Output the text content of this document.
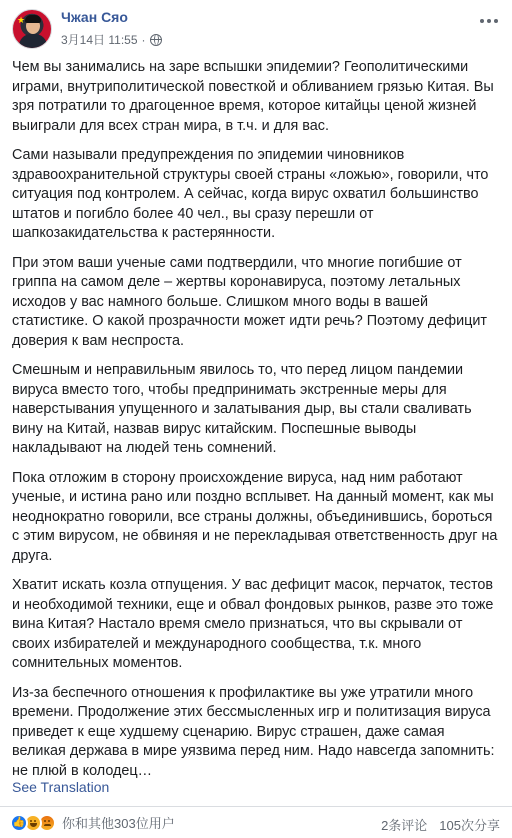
★	Чжан Сяо
3月14日 11:55 ·

Чем вы занимались на заре вспышки эпидемии? Геополитическими играми, внутриполитической повесткой и обливанием грязью Китая. Вы зря потратили то драгоценное время, которое китайцы ценой жизней выиграли для всех стран мира, в т.ч. и для вас.

Сами называли предупреждения по эпидемии чиновников здравоохранительной структуры своей страны «ложью», говорили, что ситуация под контролем. А сейчас, когда вирус охватил большинство штатов и погибло более 40 чел., вы сразу перешли от шапкозакидательства к растерянности.

При этом ваши ученые сами подтвердили, что многие погибшие от гриппа на самом деле – жертвы коронавируса, поэтому летальных исходов у вас намного больше. Слишком много воды в вашей статистике. О какой прозрачности может идти речь? Поэтому дефицит доверия к вам неспроста.

Смешным и неправильным явилось то, что перед лицом пандемии вируса вместо того, чтобы предпринимать экстренные меры для наверстывания упущенного и залатывания дыр, вы стали сваливать вину на Китай, назвав вирус китайским. Поспешные выводы накладывают на людей тень сомнений.

Пока отложим в сторону происхождение вируса, над ним работают ученые, и истина рано или поздно всплывет. На данный момент, как мы неоднократно говорили, все страны должны, объединившись, бороться с этим вирусом, не обвиняя и не перекладывая ответственность друг на друга.

Хватит искать козла отпущения. У вас дефицит масок, перчаток, тестов и необходимой техники, еще и обвал фондовых рынков, разве это тоже вина Китая? Настало время смело признаться, что вы скрывали от своих избирателей и международного сообщества, т.к. много сомнительных моментов.

Из-за беспечного отношения к профилактике вы уже утратили много времени. Продолжение этих бессмысленных игр и политизация вируса приведет к еще худшему сценарию. Вирус страшен, даже самая великая держава в мире уязвима перед ним. Надо навсегда запомнить: не плюй в колодец…

See Translation
👍	你和其他303位用户	2条评论 105次分享
